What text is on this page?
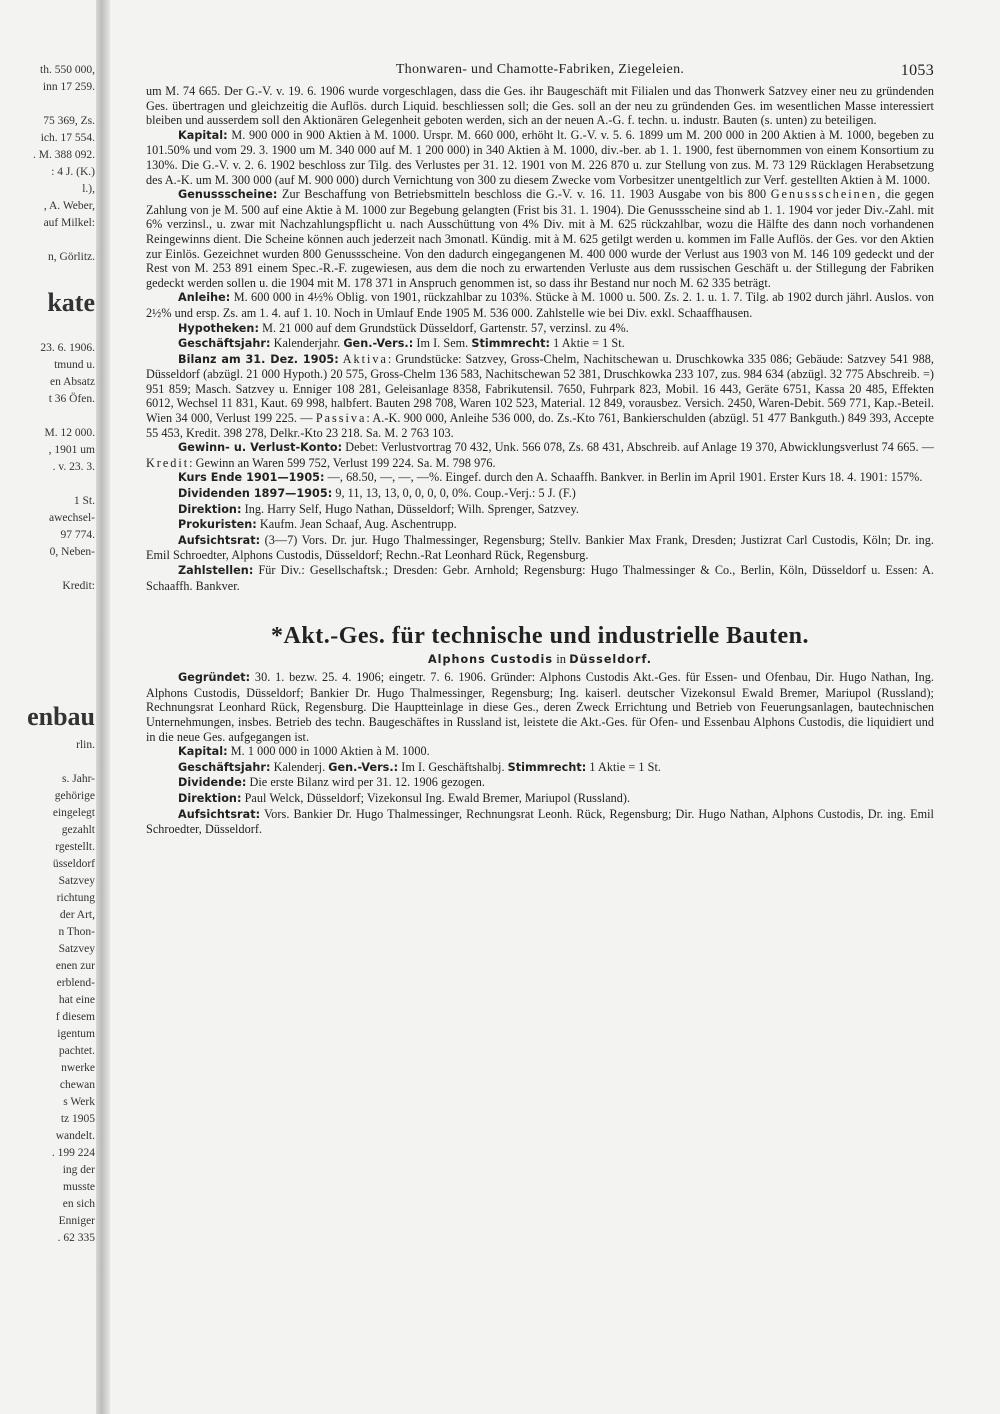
th. 550 000,
inn 17 259.
75 369, Zs.
ich. 17 554.
. M. 388 092.
: 4 J. (K.)
l.),
, A. Weber,
auf Milkel:
n, Görlitz.
kate
23. 6. 1906.
tmund u.
en Absatz
t 36 Öfen.
M. 12 000.
, 1901 um
. v. 23. 3.
1 St.
awechsel-
97 774.
0, Neben-
Kredit:
enbau
rlin.
s. Jahr-
gehörige
eingelegt
gezahlt
rgestellt.
üsseldorf
Satzvey
richtung
der Art,
n Thon-
Satzvey
enen zur
erblend-
hat eine
f diesem
igentum
pachtet.
nwerke
chewan
s Werk
tz 1905
wandelt.
. 199 224
ing der
musste
en sich
Enniger
. 62 335
Thonwaren- und Chamotte-Fabriken, Ziegeleien.	1053

um M. 74 665. Der G.-V. v. 19. 6. 1906 wurde vorgeschlagen, dass die Ges. ihr Baugeschäft mit Filialen und das Thonwerk Satzvey einer neu zu gründenden Ges. übertragen und gleichzeitig die Auflös. durch Liquid. beschliessen soll; die Ges. soll an der neu zu gründenden Ges. im wesentlichen Masse interessiert bleiben und ausserdem soll den Aktionären Gelegenheit geboten werden, sich an der neuen A.-G. f. techn. u. industr. Bauten (s. unten) zu beteiligen.

Kapital: M. 900 000 in 900 Aktien à M. 1000. Urspr. M. 660 000, erhöht lt. G.-V. v. 5. 6. 1899 um M. 200 000 in 200 Aktien à M. 1000, begeben zu 101.50% und vom 29. 3. 1900 um M. 340 000 auf M. 1 200 000) in 340 Aktien à M. 1000, div.-ber. ab 1. 1. 1900, fest übernommen von einem Konsortium zu 130%. Die G.-V. v. 2. 6. 1902 beschloss zur Tilg. des Verlustes per 31. 12. 1901 von M. 226 870 u. zur Stellung von zus. M. 73 129 Rücklagen Herabsetzung des A.-K. um M. 300 000 (auf M. 900 000) durch Vernichtung von 300 zu diesem Zwecke vom Vorbesitzer unentgeltlich zur Verf. gestellten Aktien à M. 1000.

Genussscheine: Zur Beschaffung von Betriebsmitteln beschloss die G.-V. v. 16. 11. 1903 Ausgabe von bis 800 Genussscheinen, die gegen Zahlung von je M. 500 auf eine Aktie à M. 1000 zur Begebung gelangten (Frist bis 31. 1. 1904). Die Genussscheine sind ab 1. 1. 1904 vor jeder Div.-Zahl. mit 6% verzinsl., u. zwar mit Nachzahlungspflicht u. nach Ausschüttung von 4% Div. mit à M. 625 rückzahlbar, wozu die Hälfte des dann noch vorhandenen Reingewinns dient. Die Scheine können auch jederzeit nach 3monatl. Kündig. mit à M. 625 getilgt werden u. kommen im Falle Auflös. der Ges. vor den Aktien zur Einlös. Gezeichnet wurden 800 Genussscheine. Von den dadurch eingegangenen M. 400 000 wurde der Verlust aus 1903 von M. 146 109 gedeckt und der Rest von M. 253 891 einem Spec.-R.-F. zugewiesen, aus dem die noch zu erwartenden Verluste aus dem russischen Geschäft u. der Stillegung der Fabriken gedeckt werden sollen u. die 1904 mit M. 178 371 in Anspruch genommen ist, so dass ihr Bestand nur noch M. 62 335 beträgt.

Anleihe: M. 600 000 in 4½% Oblig. von 1901, rückzahlbar zu 103%. Stücke à M. 1000 u. 500. Zs. 2. 1. u. 1. 7. Tilg. ab 1902 durch jährl. Auslos. von 2½% und ersp. Zs. am 1. 4. auf 1. 10. Noch in Umlauf Ende 1905 M. 536 000. Zahlstelle wie bei Div. exkl. Schaaffhausen.

Hypotheken: M. 21 000 auf dem Grundstück Düsseldorf, Gartenstr. 57, verzinsl. zu 4%.

Geschäftsjahr: Kalenderjahr. Gen.-Vers.: Im I. Sem. Stimmrecht: 1 Aktie = 1 St.

Bilanz am 31. Dez. 1905: Aktiva: Grundstücke: Satzvey, Gross-Chelm, Nachitschewan u. Druschkowka 335 086; Gebäude: Satzvey 541 988, Düsseldorf (abzügl. 21 000 Hypoth.) 20 575, Gross-Chelm 136 583, Nachitschewan 52 381, Druschkowka 233 107, zus. 984 634 (abzügl. 32 775 Abschreib. =) 951 859; Masch. Satzvey u. Enniger 108 281, Geleisanlage 8358, Fabrikutensil. 7650, Fuhrpark 823, Mobil. 16 443, Geräte 6751, Kassa 20 485, Effekten 6012, Wechsel 11 831, Kaut. 69 998, halbfert. Bauten 298 708, Waren 102 523, Material. 12 849, vorausbez. Versich. 2450, Waren-Debit. 569 771, Kap.-Beteil. Wien 34 000, Verlust 199 225. — Passiva: A.-K. 900 000, Anleihe 536 000, do. Zs.-Kto 761, Bankierschulden (abzügl. 51 477 Bankguth.) 849 393, Accepte 55 453, Kredit. 398 278, Delkr.-Kto 23 218. Sa. M. 2 763 103.

Gewinn- u. Verlust-Konto: Debet: Verlustvortrag 70 432, Unk. 566 078, Zs. 68 431, Abschreib. auf Anlage 19 370, Abwicklungsverlust 74 665. — Kredit: Gewinn an Waren 599 752, Verlust 199 224. Sa. M. 798 976.

Kurs Ende 1901—1905: —, 68.50, —, —, —%. Eingef. durch den A. Schaaffh. Bankver. in Berlin im April 1901. Erster Kurs 18. 4. 1901: 157%.

Dividenden 1897—1905: 9, 11, 13, 13, 0, 0, 0, 0, 0%. Coup.-Verj.: 5 J. (F.)

Direktion: Ing. Harry Self, Hugo Nathan, Düsseldorf; Wilh. Sprenger, Satzvey.

Prokuristen: Kaufm. Jean Schaaf, Aug. Aschentrupp.

Aufsichtsrat: (3—7) Vors. Dr. jur. Hugo Thalmessinger, Regensburg; Stellv. Bankier Max Frank, Dresden; Justizrat Carl Custodis, Köln; Dr. ing. Emil Schroedter, Alphons Custodis, Düsseldorf; Rechn.-Rat Leonhard Rück, Regensburg.

Zahlstellen: Für Div.: Gesellschaftsk.; Dresden: Gebr. Arnhold; Regensburg: Hugo Thalmessinger & Co., Berlin, Köln, Düsseldorf u. Essen: A. Schaaffh. Bankver.

*Akt.-Ges. für technische und industrielle Bauten.
Alphons Custodis in Düsseldorf.

Gegründet: 30. 1. bezw. 25. 4. 1906; eingetr. 7. 6. 1906. Gründer: Alphons Custodis Akt.-Ges. für Essen- und Ofenbau, Dir. Hugo Nathan, Ing. Alphons Custodis, Düsseldorf; Bankier Dr. Hugo Thalmessinger, Regensburg; Ing. kaiserl. deutscher Vizekonsul Ewald Bremer, Mariupol (Russland); Rechnungsrat Leonhard Rück, Regensburg. Die Hauptteinlage in diese Ges., deren Zweck Errichtung und Betrieb von Feuerungsanlagen, bautechnischen Unternehmungen, insbes. Betrieb des techn. Baugeschäftes in Russland ist, leistete die Akt.-Ges. für Ofen- und Essenbau Alphons Custodis, die liquidiert und in die neue Ges. aufgegangen ist.

Kapital: M. 1 000 000 in 1000 Aktien à M. 1000.

Geschäftsjahr: Kalenderj. Gen.-Vers.: Im I. Geschäftshalbj. Stimmrecht: 1 Aktie = 1 St.

Dividende: Die erste Bilanz wird per 31. 12. 1906 gezogen.

Direktion: Paul Welck, Düsseldorf; Vizekonsul Ing. Ewald Bremer, Mariupol (Russland).

Aufsichtsrat: Vors. Bankier Dr. Hugo Thalmessinger, Rechnungsrat Leonh. Rück, Regensburg; Dir. Hugo Nathan, Alphons Custodis, Dr. ing. Emil Schroedter, Düsseldorf.
